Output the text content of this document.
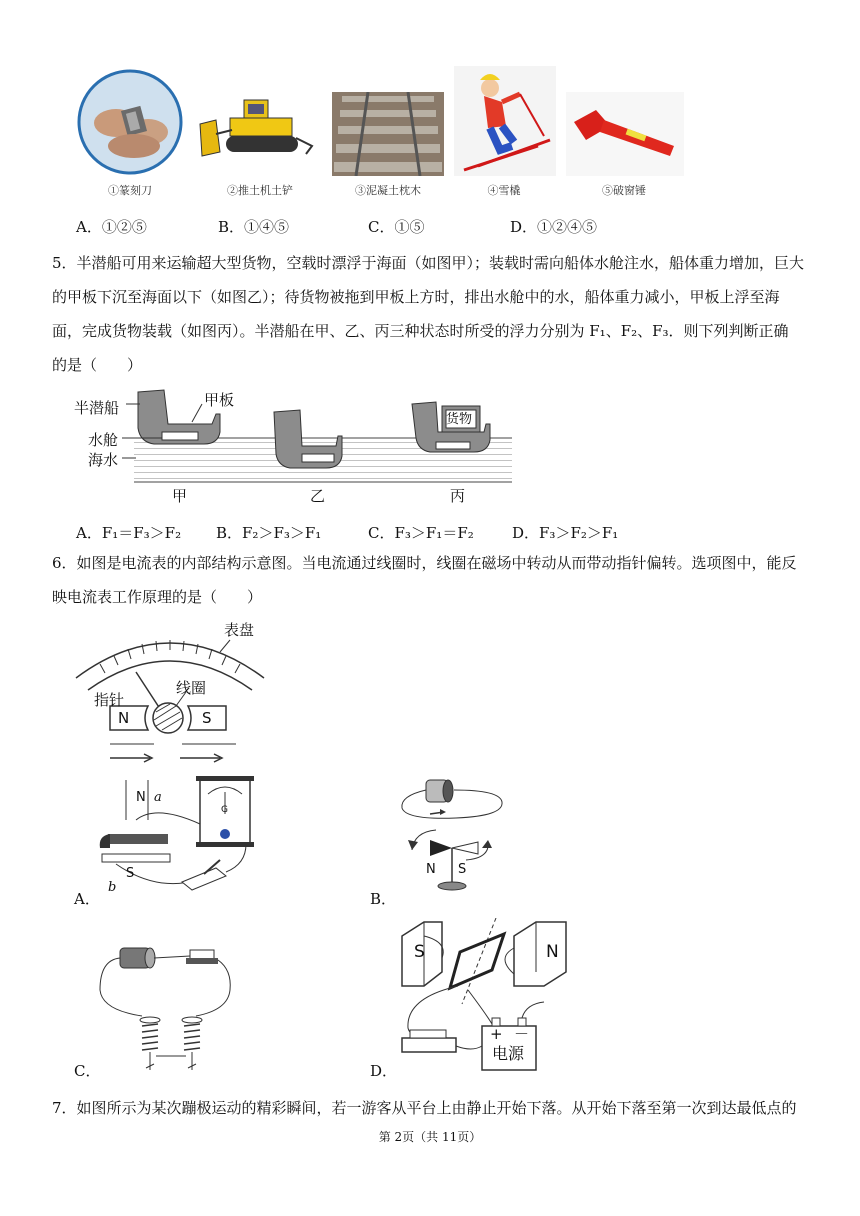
①篆刻刀	②推土机土铲	③泥凝土枕木	④雪橇	⑤破窗锤
A．①②⑤	B．①④⑤	C．①⑤	D．①②④⑤
5．半潜船可用来运输超大型货物，空载时漂浮于海面（如图甲）；装载时需向船体水舱注水，船体重力增加，巨大
的甲板下沉至海面以下（如图乙）；待货物被拖到甲板上方时，排出水舱中的水，船体重力减小，甲板上浮至海
面，完成货物装载（如图丙）。半潜船在甲、乙、丙三种状态时所受的浮力分别为 F₁、F₂、F₃．则下列判断正确
的是（　　）
半潜船	甲板
水舱
海水
货物
甲	乙	丙
A．F₁＝F₃＞F₂ B．F₂＞F₃＞F₁	C．F₃＞F₁＝F₂	D．F₃＞F₂＞F₁
6．如图是电流表的内部结构示意图。当电流通过线圈时，线圈在磁场中转动从而带动指针偏转。选项图中，能反
映电流表工作原理的是（　　）
表盘
指针
线圈
N	S
N a
b
S
G
A．
N S
B．
C．
S	N
+ －
电源
D．
7．如图所示为某次蹦极运动的精彩瞬间，若一游客从平台上由静止开始下落。从开始下落至第一次到达最低点的
第 2页（共 11页）
